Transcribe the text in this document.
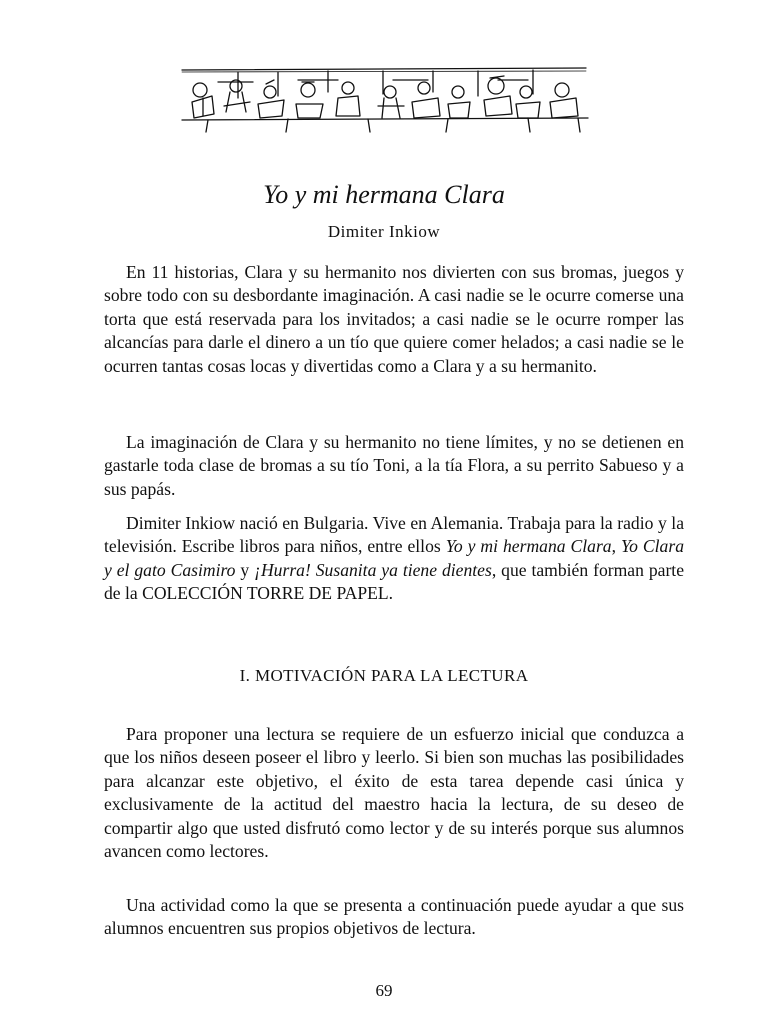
Yo y mi hermana Clara
Dimiter Inkiow

En 11 historias, Clara y su hermanito nos divierten con sus bromas, juegos y sobre todo con su desbordante imaginación. A casi nadie se le ocurre comerse una torta que está reservada para los invitados; a casi nadie se le ocurre romper las alcancías para darle el dinero a un tío que quiere comer helados; a casi nadie se le ocurren tantas cosas locas y divertidas como a Clara y a su hermanito.

La imaginación de Clara y su hermanito no tiene límites, y no se detienen en gastarle toda clase de bromas a su tío Toni, a la tía Flora, a su perrito Sabueso y a sus papás.

Dimiter Inkiow nació en Bulgaria. Vive en Alemania. Trabaja para la radio y la televisión. Escribe libros para niños, entre ellos Yo y mi hermana Clara, Yo Clara y el gato Casimiro y ¡Hurra! Susanita ya tiene dientes, que también forman parte de la COLECCIÓN TORRE DE PAPEL.

I. MOTIVACIÓN PARA LA LECTURA

Para proponer una lectura se requiere de un esfuerzo inicial que conduzca a que los niños deseen poseer el libro y leerlo. Si bien son muchas las posibilidades para alcanzar este objetivo, el éxito de esta tarea depende casi única y exclusivamente de la actitud del maestro hacia la lectura, de su deseo de compartir algo que usted disfrutó como lector y de su interés porque sus alumnos avancen como lectores.

Una actividad como la que se presenta a continuación puede ayudar a que sus alumnos encuentren sus propios objetivos de lectura.

69
